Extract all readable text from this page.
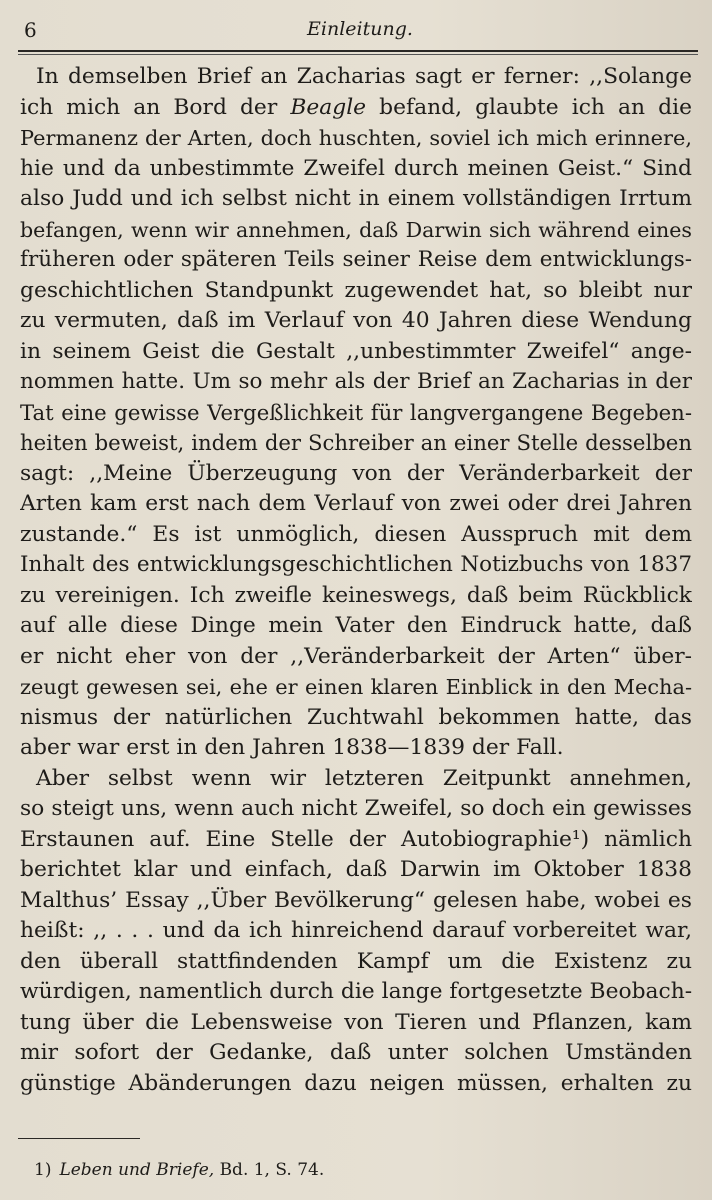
6	Einleitung.
In demselben Brief an Zacharias sagt er ferner: ,,Solange
ich mich an Bord der Beagle befand, glaubte ich an die
Permanenz der Arten, doch huschten, soviel ich mich erinnere,
hie und da unbestimmte Zweifel durch meinen Geist.“ Sind
also Judd und ich selbst nicht in einem vollständigen Irrtum
befangen, wenn wir annehmen, daß Darwin sich während eines
früheren oder späteren Teils seiner Reise dem entwicklungs-
geschichtlichen Standpunkt zugewendet hat, so bleibt nur
zu vermuten, daß im Verlauf von 40 Jahren diese Wendung
in seinem Geist die Gestalt ,,unbestimmter Zweifel“ ange-
nommen hatte. Um so mehr als der Brief an Zacharias in der
Tat eine gewisse Vergeßlichkeit für langvergangene Begeben-
heiten beweist, indem der Schreiber an einer Stelle desselben
sagt: ,,Meine Überzeugung von der Veränderbarkeit der
Arten kam erst nach dem Verlauf von zwei oder drei Jahren
zustande.“ Es ist unmöglich, diesen Ausspruch mit dem
Inhalt des entwicklungsgeschichtlichen Notizbuchs von 1837
zu vereinigen. Ich zweifle keineswegs, daß beim Rückblick
auf alle diese Dinge mein Vater den Eindruck hatte, daß
er nicht eher von der ,,Veränderbarkeit der Arten“ über-
zeugt gewesen sei, ehe er einen klaren Einblick in den Mecha-
nismus der natürlichen Zuchtwahl bekommen hatte, das
aber war erst in den Jahren 1838—1839 der Fall.
Aber selbst wenn wir letzteren Zeitpunkt annehmen,
so steigt uns, wenn auch nicht Zweifel, so doch ein gewisses
Erstaunen auf. Eine Stelle der Autobiographie¹) nämlich
berichtet klar und einfach, daß Darwin im Oktober 1838
Malthus’ Essay ,,Über Bevölkerung“ gelesen habe, wobei es
heißt: ,, . . . und da ich hinreichend darauf vorbereitet war,
den überall stattfindenden Kampf um die Existenz zu
würdigen, namentlich durch die lange fortgesetzte Beobach-
tung über die Lebensweise von Tieren und Pflanzen, kam
mir sofort der Gedanke, daß unter solchen Umständen
günstige Abänderungen dazu neigen müssen, erhalten zu
1) Leben und Briefe, Bd. 1, S. 74.
